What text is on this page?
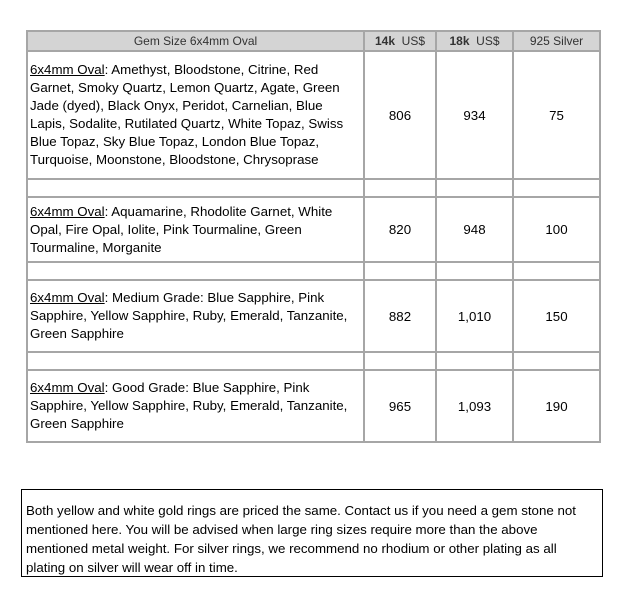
Gem Size 6x4mm Oval	14k US$	18k US$	925 Silver
6x4mm Oval: Amethyst, Bloodstone, Citrine, Red Garnet, Smoky Quartz, Lemon Quartz, Agate, Green Jade (dyed), Black Onyx, Peridot, Carnelian, Blue Lapis, Sodalite, Rutilated Quartz, White Topaz, Swiss Blue Topaz, Sky Blue Topaz, London Blue Topaz, Turquoise, Moonstone, Bloodstone, Chrysoprase	806	934	75

6x4mm Oval: Aquamarine, Rhodolite Garnet, White Opal, Fire Opal, Iolite, Pink Tourmaline, Green Tourmaline, Morganite	820	948	100

6x4mm Oval: Medium Grade: Blue Sapphire, Pink Sapphire, Yellow Sapphire, Ruby, Emerald, Tanzanite, Green Sapphire	882	1,010	150

6x4mm Oval: Good Grade: Blue Sapphire, Pink Sapphire, Yellow Sapphire, Ruby, Emerald, Tanzanite, Green Sapphire	965	1,093	190
Both yellow and white gold rings are priced the same. Contact us if you need a gem stone not mentioned here. You will be advised when large ring sizes require more than the above mentioned metal weight. For silver rings, we recommend no rhodium or other plating as all plating on silver will wear off in time.
